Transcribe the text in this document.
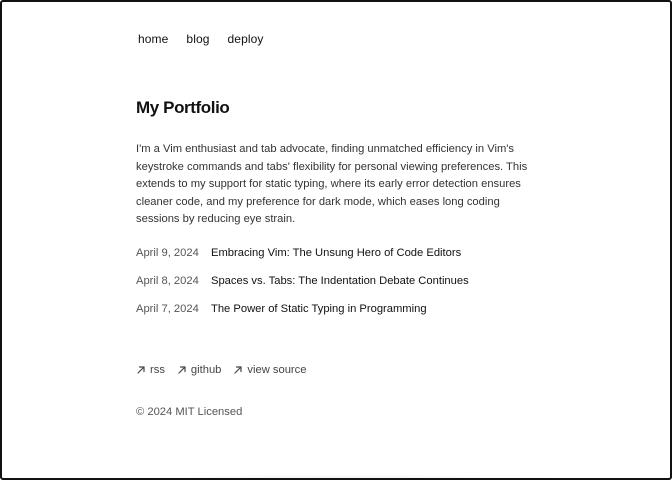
home blog deploy
My Portfolio

I'm a Vim enthusiast and tab advocate, finding unmatched efficiency in Vim's keystroke commands and tabs' flexibility for personal viewing preferences. This extends to my support for static typing, where its early error detection ensures cleaner code, and my preference for dark mode, which eases long coding sessions by reducing eye strain.

April 9, 2024	Embracing Vim: The Unsung Hero of Code Editors
April 8, 2024	Spaces vs. Tabs: The Indentation Debate Continues
April 7, 2024	The Power of Static Typing in Programming
rss github view source

© 2024 MIT Licensed
